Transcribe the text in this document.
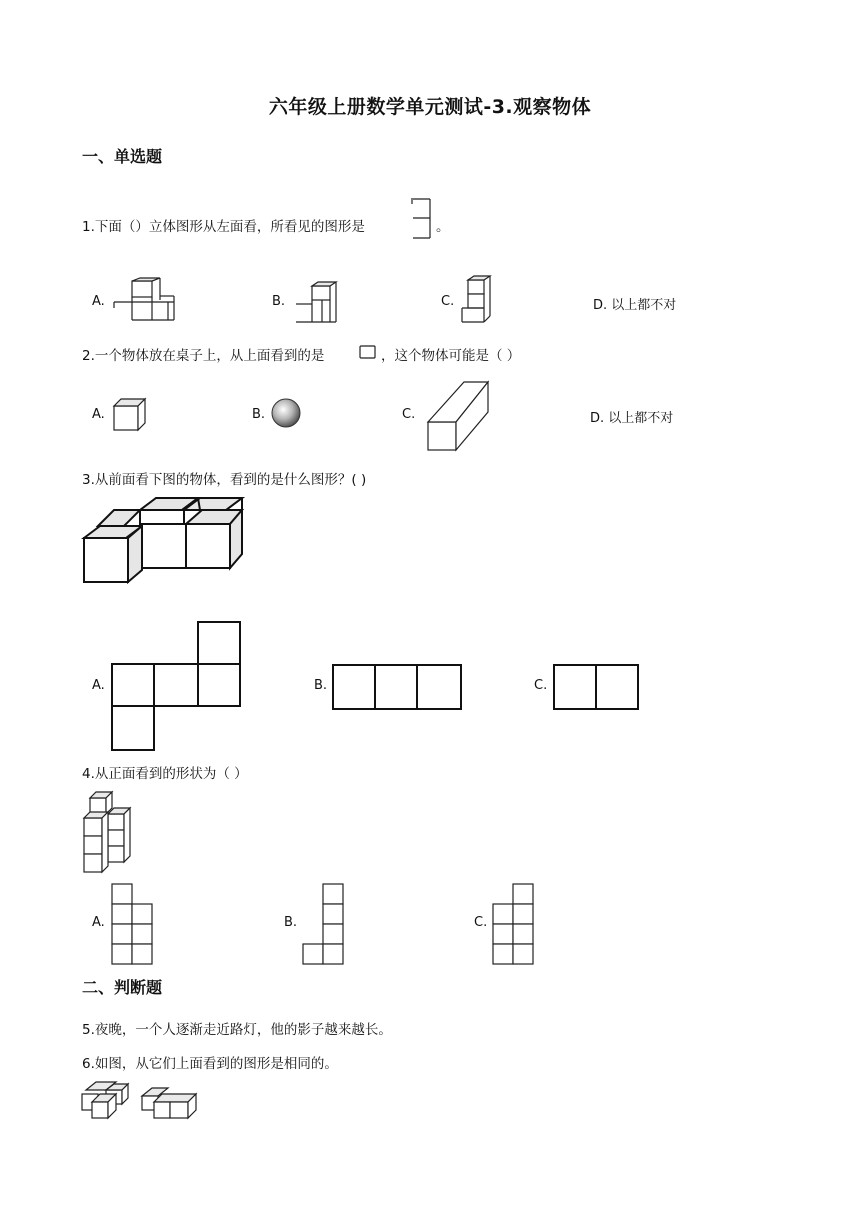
六年级上册数学单元测试-3.观察物体
一、单选题
1.下面（）立体图形从左面看，所看见的图形是	。
A.	B.	C.	D. 以上都不对
2.一个物体放在桌子上，从上面看到的是	，这个物体可能是（ ）
A.	B.	C.	D. 以上都不对
3.从前面看下图的物体，看到的是什么图形？( )
A.	B.	C.
4.从正面看到的形状为（ ）
A.	B.	C.
二、判断题
5.夜晚，一个人逐渐走近路灯，他的影子越来越长。
6.如图，从它们上面看到的图形是相同的。
